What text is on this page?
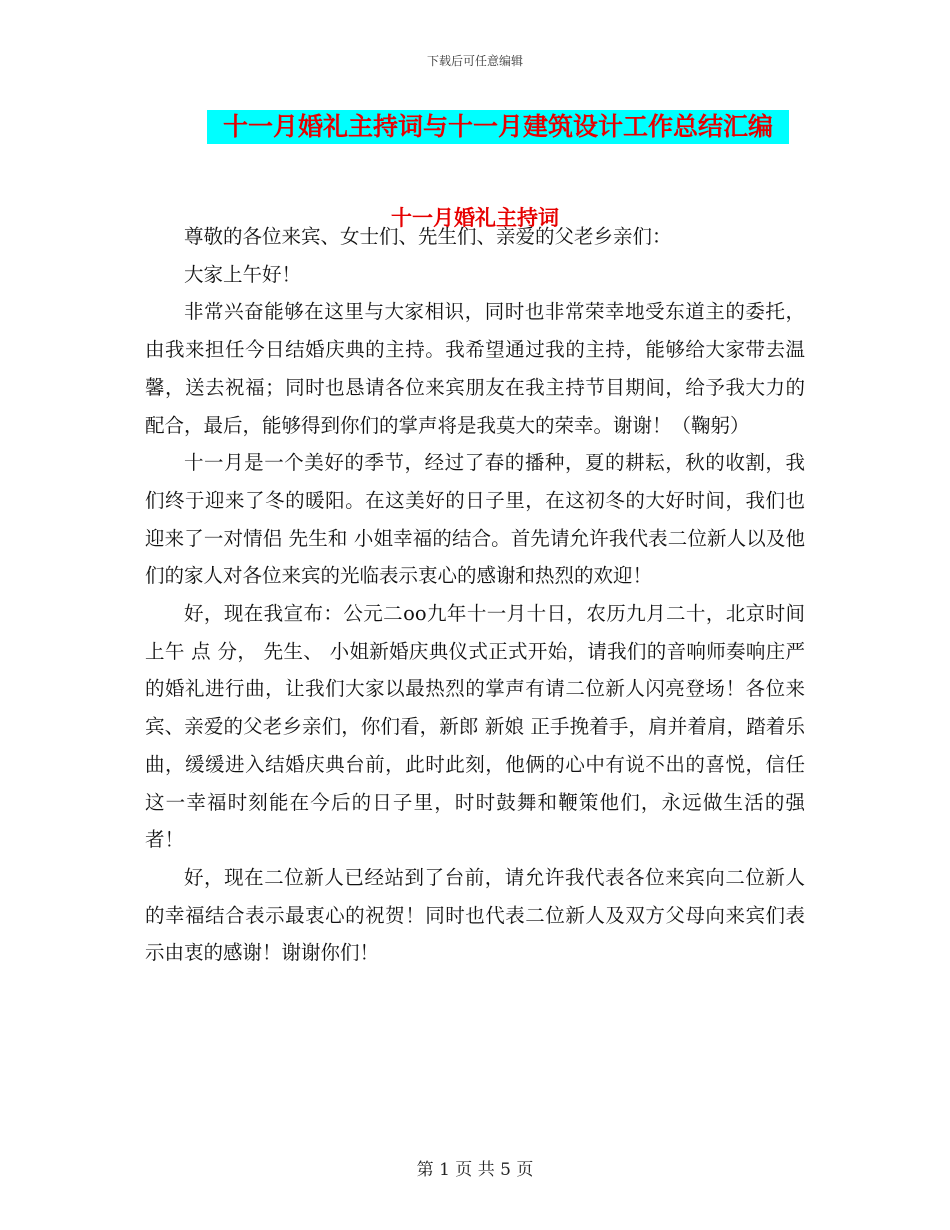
下载后可任意编辑
十一月婚礼主持词与十一月建筑设计工作总结汇编
十一月婚礼主持词

尊敬的各位来宾、女士们、先生们、亲爱的父老乡亲们：

大家上午好！

非常兴奋能够在这里与大家相识，同时也非常荣幸地受东道主的委托，由我来担任今日结婚庆典的主持。我希望通过我的主持，能够给大家带去温馨，送去祝福；同时也恳请各位来宾朋友在我主持节目期间，给予我大力的配合，最后，能够得到你们的掌声将是我莫大的荣幸。谢谢！（鞠躬）

十一月是一个美好的季节，经过了春的播种，夏的耕耘，秋的收割，我们终于迎来了冬的暖阳。在这美好的日子里，在这初冬的大好时间，我们也迎来了一对情侣 先生和 小姐幸福的结合。首先请允许我代表二位新人以及他们的家人对各位来宾的光临表示衷心的感谢和热烈的欢迎！

好，现在我宣布：公元二oo九年十一月十日，农历九月二十，北京时间上午 点 分， 先生、 小姐新婚庆典仪式正式开始，请我们的音响师奏响庄严的婚礼进行曲，让我们大家以最热烈的掌声有请二位新人闪亮登场！各位来宾、亲爱的父老乡亲们，你们看，新郎 新娘 正手挽着手，肩并着肩，踏着乐曲，缓缓进入结婚庆典台前，此时此刻，他俩的心中有说不出的喜悦，信任这一幸福时刻能在今后的日子里，时时鼓舞和鞭策他们，永远做生活的强者！

好，现在二位新人已经站到了台前，请允许我代表各位来宾向二位新人的幸福结合表示最衷心的祝贺！同时也代表二位新人及双方父母向来宾们表示由衷的感谢！谢谢你们！

第 1 页 共 5 页
